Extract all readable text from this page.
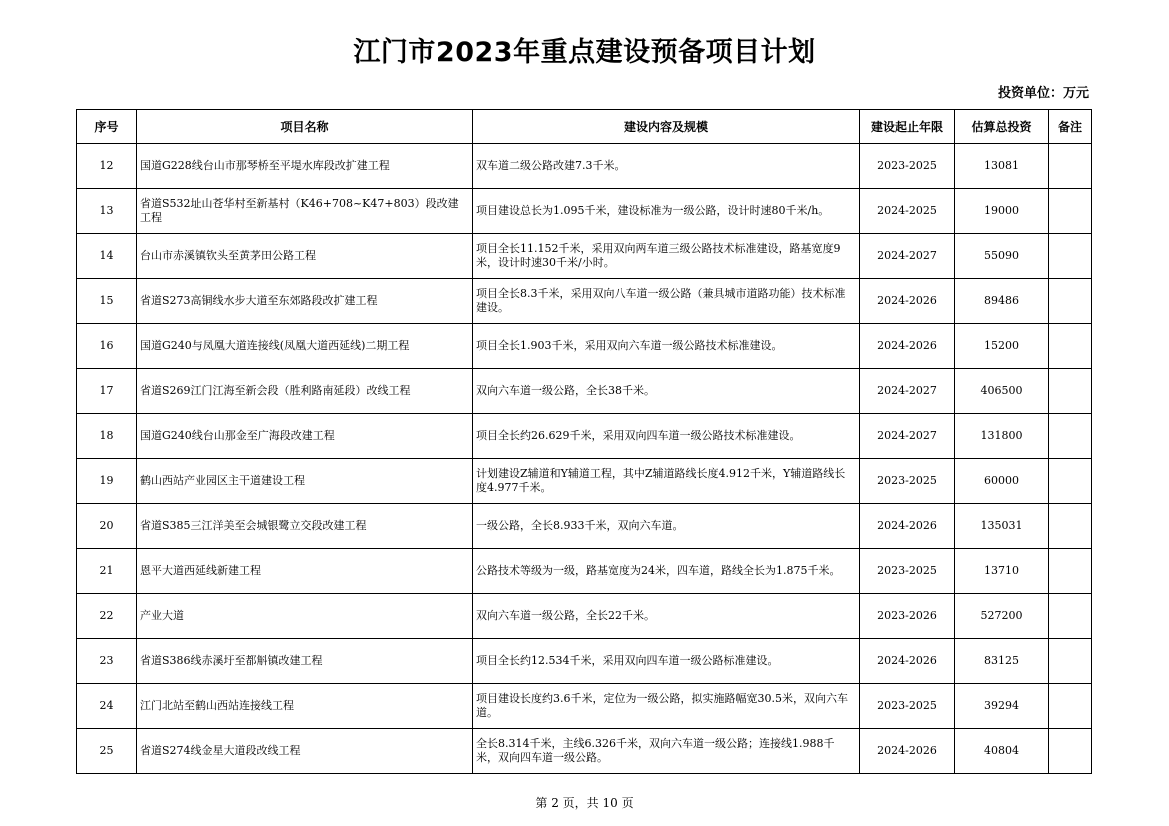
江门市2023年重点建设预备项目计划
投资单位：万元
序号	项目名称	建设内容及规模	建设起止年限	估算总投资	备注
12	国道G228线台山市那琴桥至平堤水库段改扩建工程	双车道二级公路改建7.3千米。	2023-2025	13081	
13	省道S532址山苍华村至新基村（K46+708~K47+803）段改建工程	项目建设总长为1.095千米，建设标准为一级公路，设计时速80千米/h。	2024-2025	19000	
14	台山市赤溪镇钦头至黄茅田公路工程	项目全长11.152千米，采用双向两车道三级公路技术标准建设，路基宽度9米，设计时速30千米/小时。	2024-2027	55090	
15	省道S273高铜线水步大道至东郊路段改扩建工程	项目全长8.3千米，采用双向八车道一级公路（兼具城市道路功能）技术标准建设。	2024-2026	89486	
16	国道G240与凤凰大道连接线(凤凰大道西延线)二期工程	项目全长1.903千米，采用双向六车道一级公路技术标准建设。	2024-2026	15200	
17	省道S269江门江海至新会段（胜利路南延段）改线工程	双向六车道一级公路，全长38千米。	2024-2027	406500	
18	国道G240线台山那金至广海段改建工程	项目全长约26.629千米，采用双向四车道一级公路技术标准建设。	2024-2027	131800	
19	鹤山西站产业园区主干道建设工程	计划建设Z辅道和Y辅道工程，其中Z辅道路线长度4.912千米，Y辅道路线长度4.977千米。	2023-2025	60000	
20	省道S385三江洋美至会城银鹭立交段改建工程	一级公路，全长8.933千米，双向六车道。	2024-2026	135031	
21	恩平大道西延线新建工程	公路技术等级为一级，路基宽度为24米，四车道，路线全长为1.875千米。	2023-2025	13710	
22	产业大道	双向六车道一级公路，全长22千米。	2023-2026	527200	
23	省道S386线赤溪圩至都斛镇改建工程	项目全长约12.534千米，采用双向四车道一级公路标准建设。	2024-2026	83125	
24	江门北站至鹤山西站连接线工程	项目建设长度约3.6千米，定位为一级公路，拟实施路幅宽30.5米，双向六车道。	2023-2025	39294	
25	省道S274线金星大道段改线工程	全长8.314千米，主线6.326千米，双向六车道一级公路；连接线1.988千米，双向四车道一级公路。	2024-2026	40804	
第 2 页，共 10 页
